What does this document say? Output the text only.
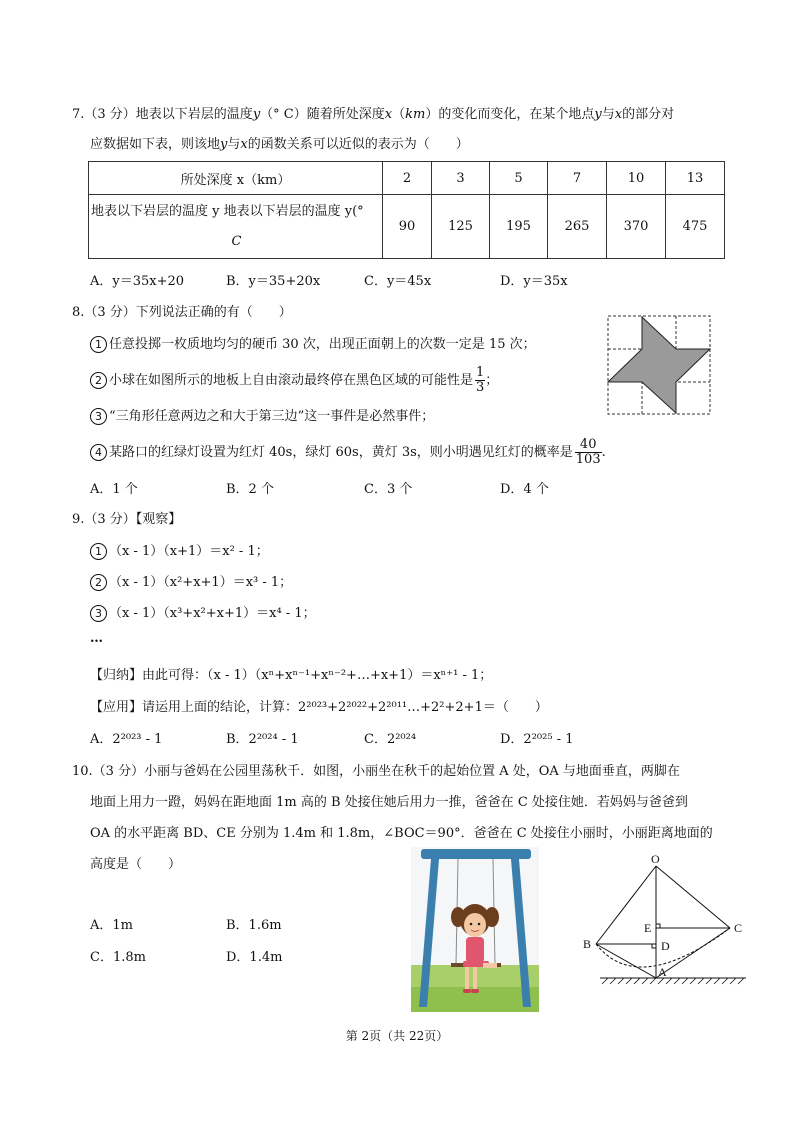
7.（3 分）地表以下岩层的温度y（° C）随着所处深度x（km）的变化而变化，在某个地点y与x的部分对
应数据如下表，则该地y与x的函数关系可以近似的表示为（　　）
所处深度 x（km）	2	3	5	7	10	13

地表以下岩层的温度 y 地表以下岩层的温度 y(°
C	90	125	195	265	370	475
A．y＝35x+20	B．y＝35+20x	C．y＝45x	D．y＝35x
8.（3 分）下列说法正确的有（　　）
1 任意投掷一枚质地均匀的硬币 30 次，出现正面朝上的次数一定是 15 次；
2 小球在如图所示的地板上自由滚动最终停在黑色区域的可能性是 $\frac{1}{3}$ ；
3 “三角形任意两边之和大于第三边”这一事件是必然事件；
4 某路口的红绿灯设置为红灯 40s，绿灯 60s，黄灯 3s，则小明遇见红灯的概率是 $\frac{40}{103}$ .
A．1 个	B．2 个	C．3 个	D．4 个
9.（3 分）【观察】
1 （x - 1）（x+1）＝x² - 1；
2 （x - 1）（x²+x+1）＝x³ - 1；
3 （x - 1）（x³+x²+x+1）＝x⁴ - 1；
…
【归纳】由此可得：（x - 1）（xⁿ+xⁿ⁻¹+xⁿ⁻²+…+x+1）＝xⁿ⁺¹ - 1；
【应用】请运用上面的结论，计算：2²⁰²³+2²⁰²²+2²⁰¹¹…+2²+2+1＝（　　）
A．2²⁰²³ - 1	B．2²⁰²⁴ - 1	C．2²⁰²⁴	D．2²⁰²⁵ - 1
10.（3 分）小丽与爸妈在公园里荡秋千．如图，小丽坐在秋千的起始位置 A 处，OA 与地面垂直，两脚在
地面上用力一蹬，妈妈在距地面 1m 高的 B 处接住她后用力一推，爸爸在 C 处接住她．若妈妈与爸爸到
OA 的水平距离 BD、CE 分别为 1.4m 和 1.8m，∠BOC＝90°．爸爸在 C 处接住小丽时，小丽距离地面的
高度是（　　）
A．1m	B．1.6m
C．1.8m	D．1.4m
O
E	C
B	D
A
第 2页（共 22页）
